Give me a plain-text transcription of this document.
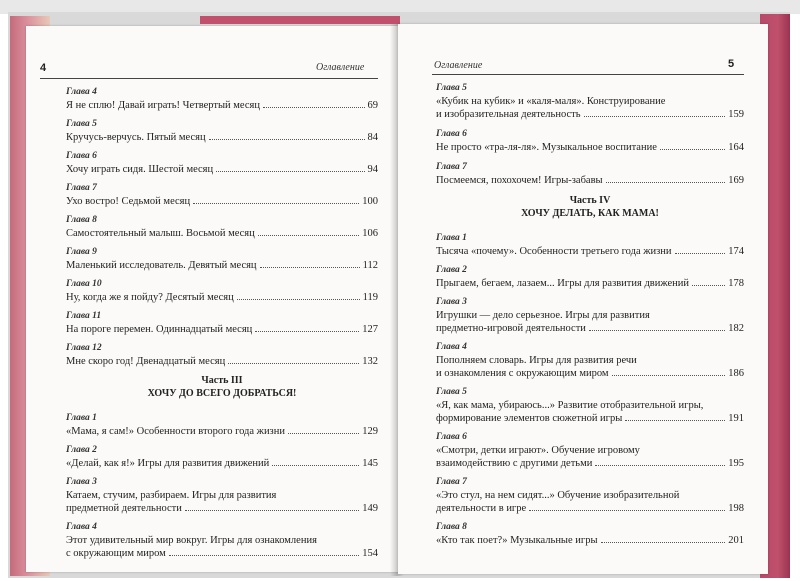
4	Оглавление
Глава 4
Я не сплю! Давай играть! Четвертый месяц	69
Глава 5
Кручусь-верчусь. Пятый месяц	84
Глава 6
Хочу играть сидя. Шестой месяц	94
Глава 7
Ухо востро! Седьмой месяц	100
Глава 8
Самостоятельный малыш. Восьмой месяц	106
Глава 9
Маленький исследователь. Девятый месяц	112
Глава 10
Ну, когда же я пойду? Десятый месяц	119
Глава 11
На пороге перемен. Одиннадцатый месяц	127
Глава 12
Мне скоро год! Двенадцатый месяц	132
Часть III
ХОЧУ ДО ВСЕГО ДОБРАТЬСЯ!
Глава 1
«Мама, я сам!» Особенности второго года жизни	129
Глава 2
«Делай, как я!» Игры для развития движений	145
Глава 3
Катаем, стучим, разбираем. Игры для развития
предметной деятельности	149
Глава 4
Этот удивительный мир вокруг. Игры для ознакомления
с окружающим миром	154
Оглавление	5
Глава 5
«Кубик на кубик» и «каля-маля». Конструирование
и изобразительная деятельность	159
Глава 6
Не просто «тра-ля-ля». Музыкальное воспитание	164
Глава 7
Посмеемся, похохочем! Игры-забавы	169
Часть IV
ХОЧУ ДЕЛАТЬ, КАК МАМА!
Глава 1
Тысяча «почему». Особенности третьего года жизни	174
Глава 2
Прыгаем, бегаем, лазаем... Игры для развития движений	178
Глава 3
Игрушки — дело серьезное. Игры для развития
предметно-игровой деятельности	182
Глава 4
Пополняем словарь. Игры для развития речи
и ознакомления с окружающим миром	186
Глава 5
«Я, как мама, убираюсь...» Развитие отобразительной игры,
формирование элементов сюжетной игры	191
Глава 6
«Смотри, детки играют». Обучение игровому
взаимодействию с другими детьми	195
Глава 7
«Это стул, на нем сидят...» Обучение изобразительной
деятельности в игре	198
Глава 8
«Кто так поет?» Музыкальные игры	201
